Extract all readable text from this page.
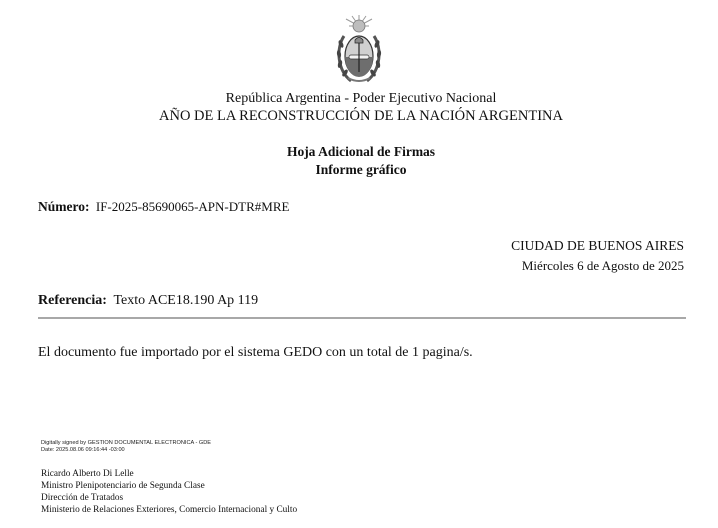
República Argentina - Poder Ejecutivo Nacional
AÑO DE LA RECONSTRUCCIÓN DE LA NACIÓN ARGENTINA
Hoja Adicional de Firmas
Informe gráfico
Número: IF-2025-85690065-APN-DTR#MRE
CIUDAD DE BUENOS AIRES
Miércoles 6 de Agosto de 2025
Referencia: Texto ACE18.190 Ap 119
El documento fue importado por el sistema GEDO con un total de 1 pagina/s.
Digitally signed by GESTION DOCUMENTAL ELECTRONICA - GDE
Date: 2025.08.06 09:16:44 -03:00
Ricardo Alberto Di Lelle
Ministro Plenipotenciario de Segunda Clase
Dirección de Tratados
Ministerio de Relaciones Exteriores, Comercio Internacional y Culto
